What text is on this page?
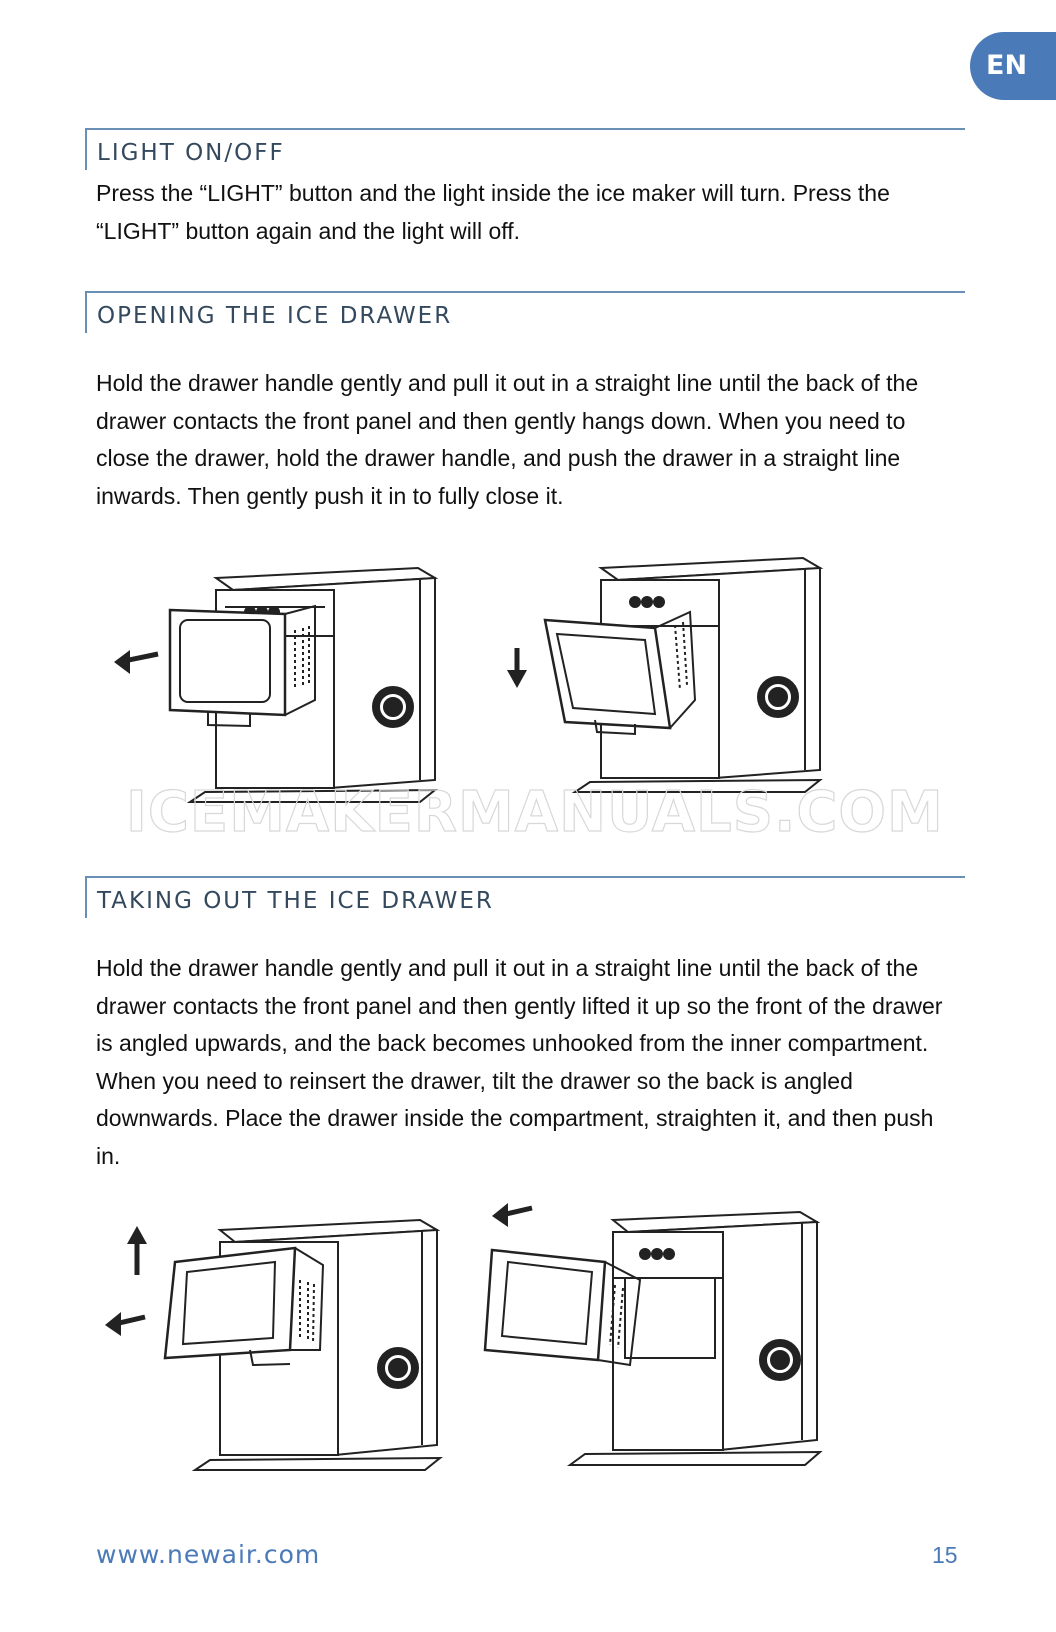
EN
LIGHT ON/OFF

Press the “LIGHT” button and the light inside the ice maker will turn. Press the “LIGHT” button again and the light will off.

OPENING THE ICE DRAWER

Hold the drawer handle gently and pull it out in a straight line until the back of the drawer contacts the front panel and then gently hangs down. When you need to close the drawer, hold the drawer handle, and push the drawer in a straight line inwards. Then gently push it in to fully close it.

ICEMAKERMANUALS.COM
TAKING OUT THE ICE DRAWER

Hold the drawer handle gently and pull it out in a straight line until the back of the drawer contacts the front panel and then gently lifted it up so the front of the drawer is angled upwards, and the back becomes unhooked from the inner compartment. When you need to reinsert the drawer, tilt the drawer so the back is angled downwards. Place the drawer inside the compartment, straighten it, and then push in.

www.newair.com	15
